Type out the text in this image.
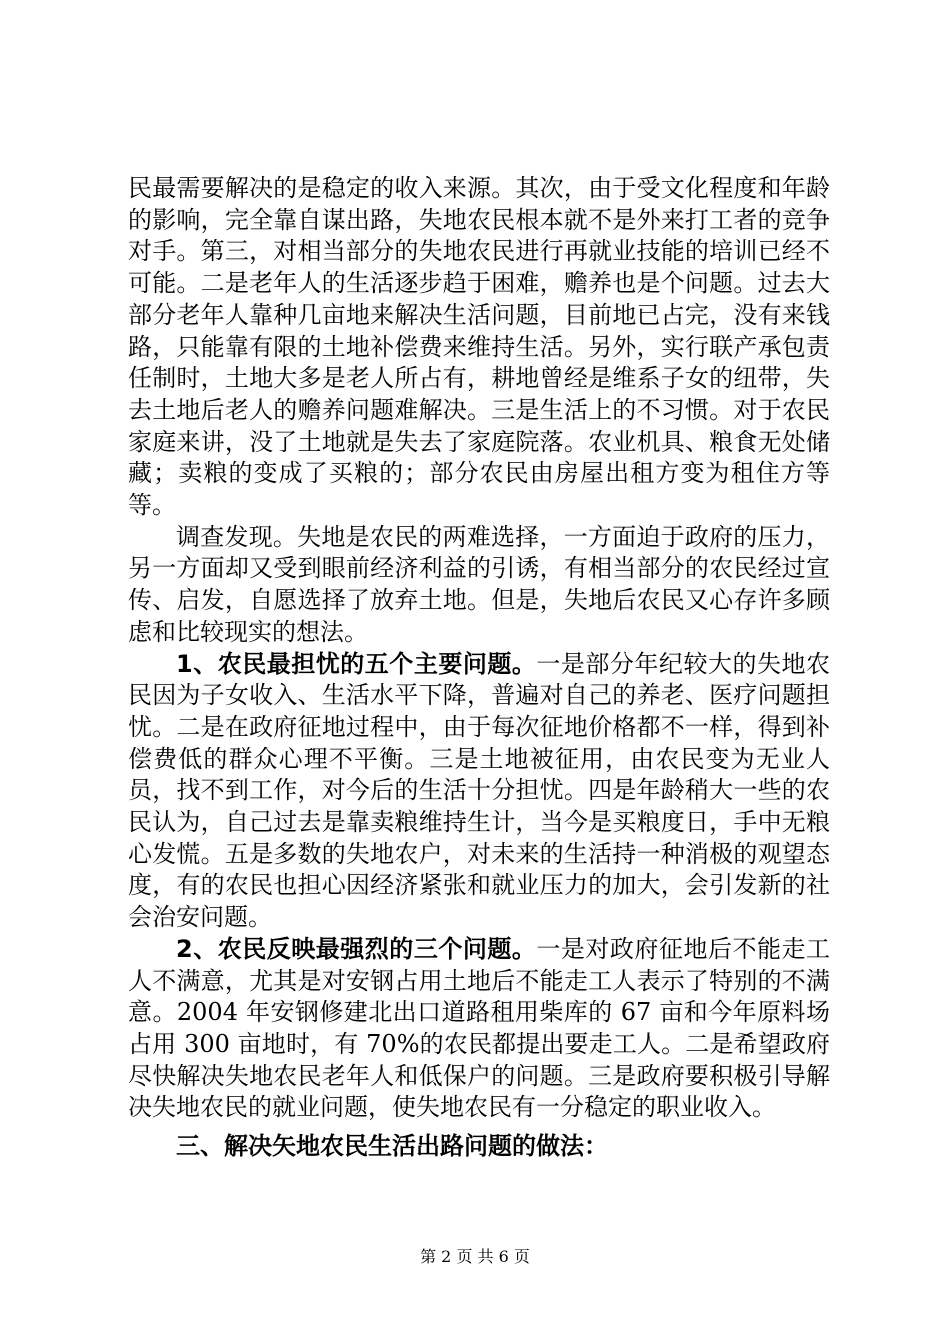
民最需要解决的是稳定的收入来源。其次，由于受文化程度和年龄的影响，完全靠自谋出路，失地农民根本就不是外来打工者的竞争对手。第三，对相当部分的失地农民进行再就业技能的培训已经不可能。二是老年人的生活逐步趋于困难，赡养也是个问题。过去大部分老年人靠种几亩地来解决生活问题，目前地已占完，没有来钱路，只能靠有限的土地补偿费来维持生活。另外，实行联产承包责任制时，土地大多是老人所占有，耕地曾经是维系子女的纽带，失去土地后老人的赡养问题难解决。三是生活上的不习惯。对于农民家庭来讲，没了土地就是失去了家庭院落。农业机具、粮食无处储藏；卖粮的变成了买粮的；部分农民由房屋出租方变为租住方等等。

调查发现。失地是农民的两难选择，一方面迫于政府的压力，另一方面却又受到眼前经济利益的引诱，有相当部分的农民经过宣传、启发，自愿选择了放弃土地。但是，失地后农民又心存许多顾虑和比较现实的想法。

1、农民最担忧的五个主要问题。一是部分年纪较大的失地农民因为子女收入、生活水平下降，普遍对自己的养老、医疗问题担忧。二是在政府征地过程中，由于每次征地价格都不一样，得到补偿费低的群众心理不平衡。三是土地被征用，由农民变为无业人员，找不到工作，对今后的生活十分担忧。四是年龄稍大一些的农民认为，自己过去是靠卖粮维持生计，当今是买粮度日，手中无粮心发慌。五是多数的失地农户，对未来的生活持一种消极的观望态度，有的农民也担心因经济紧张和就业压力的加大，会引发新的社会治安问题。

2、农民反映最强烈的三个问题。一是对政府征地后不能走工人不满意，尤其是对安钢占用土地后不能走工人表示了特别的不满意。2004 年安钢修建北出口道路租用柴库的 67 亩和今年原料场占用 300 亩地时，有 70%的农民都提出要走工人。二是希望政府尽快解决失地农民老年人和低保户的问题。三是政府要积极引导解决失地农民的就业问题，使失地农民有一分稳定的职业收入。

三、解决矢地农民生活出路问题的做法：

第 2 页 共 6 页
